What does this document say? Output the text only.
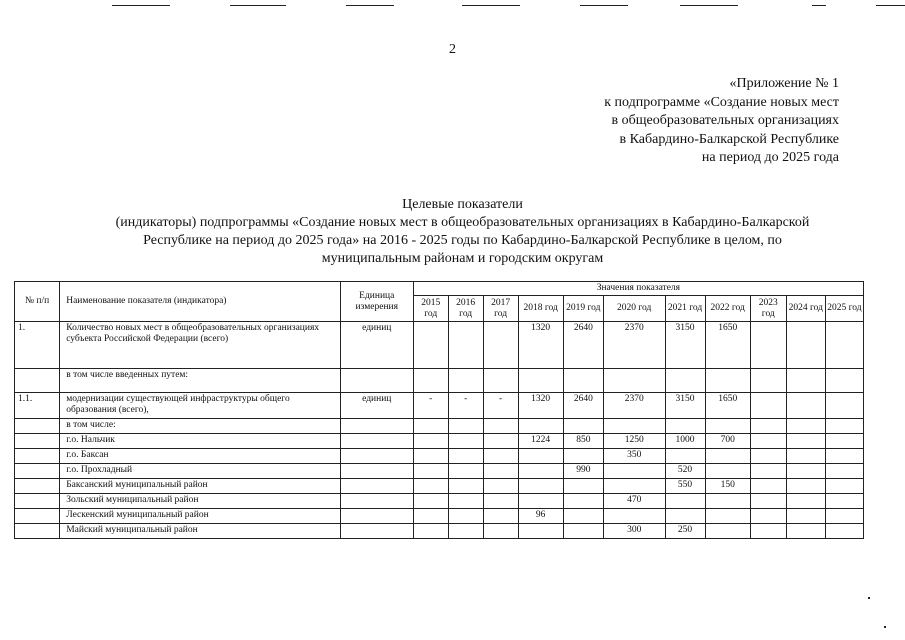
2
«Приложение № 1
к подпрограмме «Создание новых мест
в общеобразовательных организациях
в Кабардино-Балкарской Республике
на период до 2025 года
Целевые показатели
(индикаторы) подпрограммы «Создание новых мест в общеобразовательных организациях в Кабардино-Балкарской
Республике на период до 2025 года» на 2016 - 2025 годы по Кабардино-Балкарской Республике в целом, по
муниципальным районам и городским округам
№ п/п	Наименование показателя (индикатора)	Единица измерения	Значения показателя										
			2015 год	2016 год	2017 год	2018 год	2019 год	2020 год	2021 год	2022 год	2023 год	2024 год	2025 год
1.	Количество новых мест в общеобразовательных организациях субъекта Российской Федерации (всего)	единиц				1320	2640	2370	3150	1650			
	в том числе введенных путем:												
1.1.	модернизации существующей инфраструктуры общего образования (всего),	единиц	-	-	-	1320	2640	2370	3150	1650			
	в том числе:												
	г.о. Нальчик					1224	850	1250	1000	700			
	г.о. Баксан							350					
	г.о. Прохладный						990		520				
	Баксанский муниципальный район								550	150			
	Зольский муниципальный район							470					
	Лескенский муниципальный район					96							
	Майский муниципальный район							300	250				
